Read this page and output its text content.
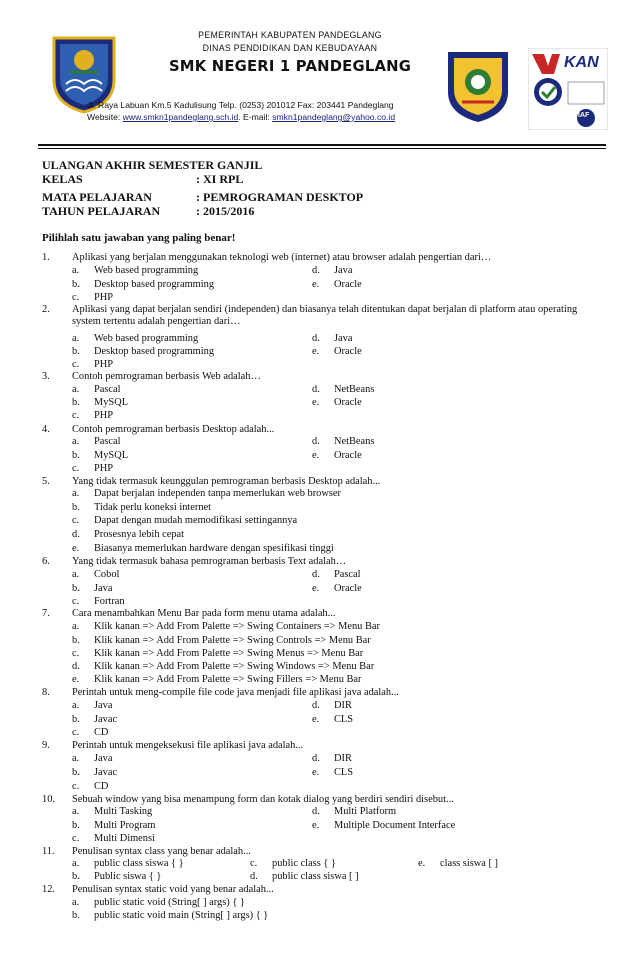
PEMERINTAH KABUPATEN PANDEGLANG
DINAS PENDIDIKAN DAN KEBUDAYAAN
SMK NEGERI 1 PANDEGLANG
Jl. Raya Labuan Km.5 Kadulisung Telp. (0253) 201012 Fax: 203441 Pandeglang
Website: www.smkn1pandeglang.sch.id. E-mail: smkn1pandeglang@yahoo.co.id
KAN
IAF
ULANGAN AKHIR SEMESTER GANJIL
KELAS	: XI RPL
MATA PELAJARAN	: PEMROGRAMAN DESKTOP
TAHUN PELAJARAN	: 2015/2016
Pilihlah satu jawaban yang paling benar!
1. Aplikasi yang berjalan menggunakan teknologi web (internet) atau browser adalah pengertian dari…
a. Web based programming
b. Desktop based programming
c. PHP
d. Java
e. Oracle
2. Aplikasi yang dapat berjalan sendiri (independen) dan biasanya telah ditentukan dapat berjalan di platform atau operating system tertentu adalah pengertian dari…
a. Web based programming
b. Desktop based programming
c. PHP
d. Java
e. Oracle
3. Contoh pemrograman berbasis Web adalah…
a. Pascal
b. MySQL
c. PHP
d. NetBeans
e. Oracle
4. Contoh pemrograman berbasis Desktop adalah...
a. Pascal
b. MySQL
c. PHP
d. NetBeans
e. Oracle
5. Yang tidak termasuk keunggulan pemrograman berbasis Desktop adalah...
a. Dapat berjalan independen tanpa memerlukan web browser
b. Tidak perlu koneksi internet
c. Dapat dengan mudah memodifikasi settingannya
d. Prosesnya lebih cepat
e. Biasanya memerlukan hardware dengan spesifikasi tinggi
6. Yang tidak termasuk bahasa pemrograman berbasis Text adalah…
a. Cobol
b. Java
c. Fortran
d. Pascal
e. Oracle
7. Cara menambahkan Menu Bar pada form menu utama adalah...
a. Klik kanan => Add From Palette => Swing Containers => Menu Bar
b. Klik kanan => Add From Palette => Swing Controls => Menu Bar
c. Klik kanan => Add From Palette => Swing Menus => Menu Bar
d. Klik kanan => Add From Palette => Swing Windows => Menu Bar
e. Klik kanan => Add From Palette => Swing Fillers => Menu Bar
8. Perintah untuk meng-compile file code java menjadi file aplikasi java adalah...
a. Java
b. Javac
c. CD
d. DIR
e. CLS
9. Perintah untuk mengeksekusi file aplikasi java adalah...
a. Java
b. Javac
c. CD
d. DIR
e. CLS
10. Sebuah window yang bisa menampung form dan kotak dialog yang berdiri sendiri disebut...
a. Multi Tasking
b. Multi Program
c. Multi Dimensi
d. Multi Platform
e. Multiple Document Interface
11. Penulisan syntax class yang benar adalah...
a. public class siswa { }
b. Public siswa { }
c. public class { }
d. public class siswa [ ]
e. class siswa [ ]
12. Penulisan syntax static void yang benar adalah...
a. public static void (String[ ] args) { }
b. public static void main (String[ ] args) { }
